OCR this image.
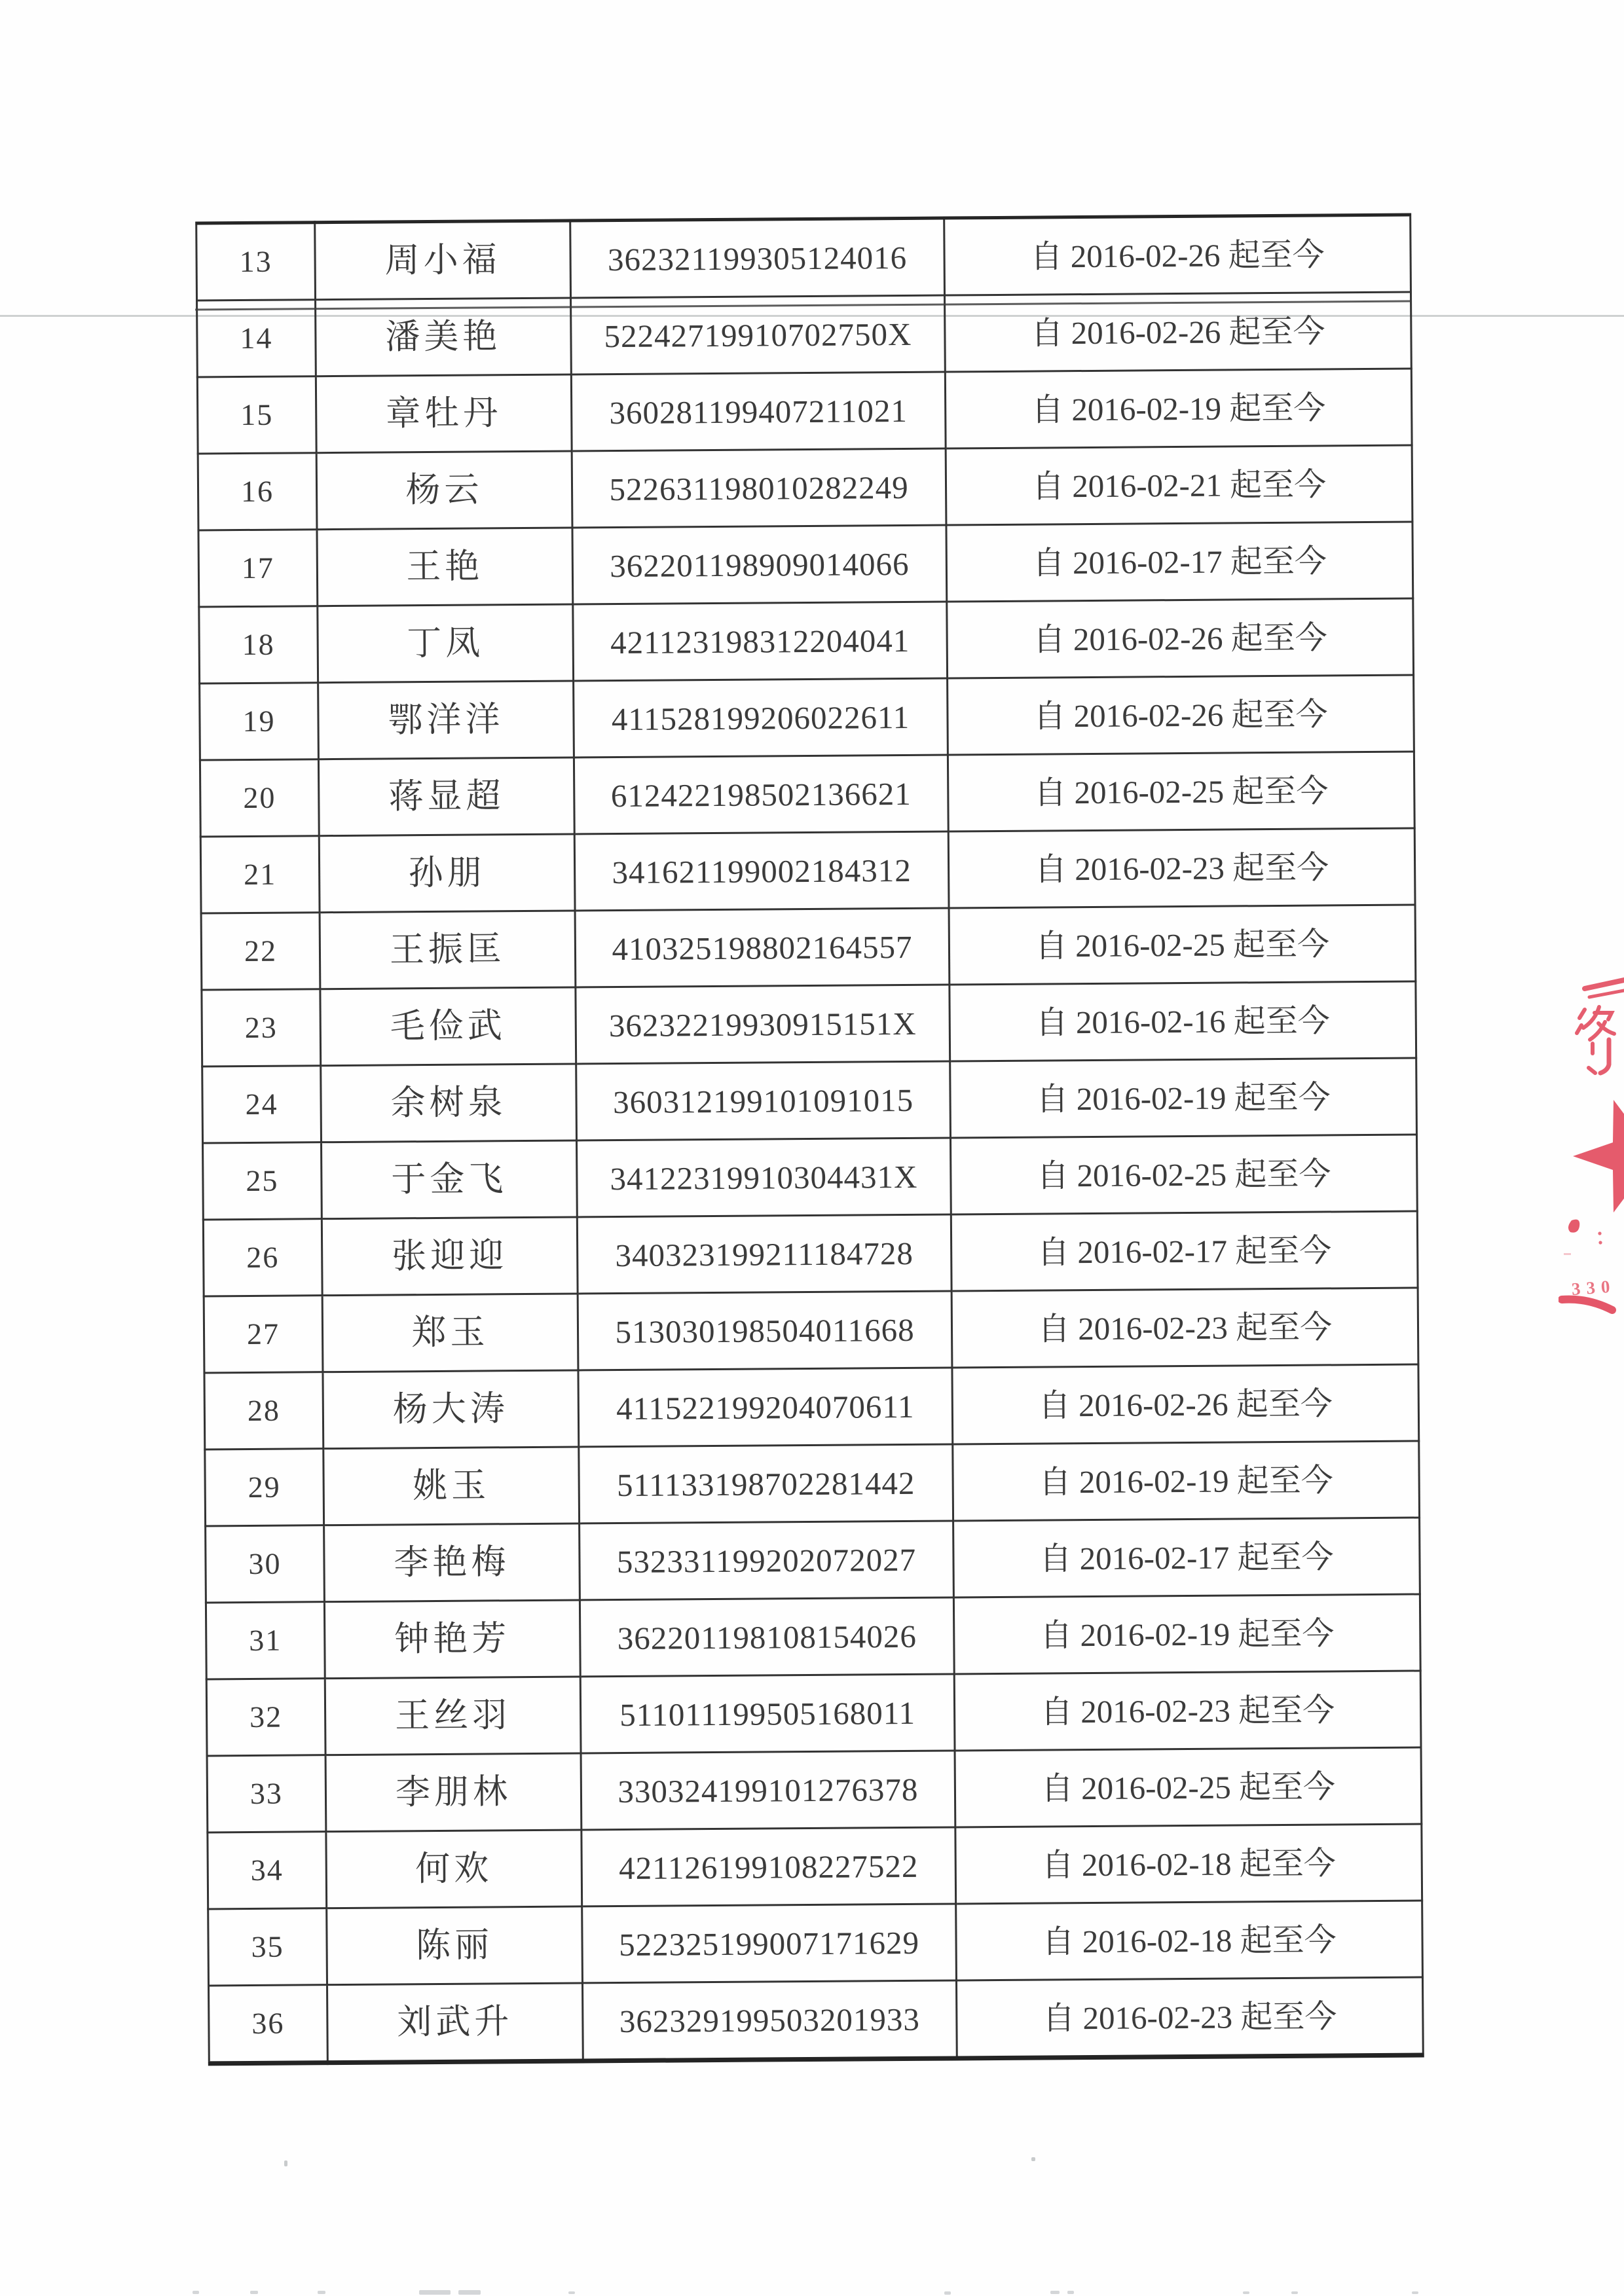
13	周小福	362321199305124016	自 2016-02-26 起至今
14	潘美艳	52242719910702750X	自 2016-02-26 起至今
15	章牡丹	360281199407211021	自 2016-02-19 起至今
16	杨云	522631198010282249	自 2016-02-21 起至今
17	王艳	362201198909014066	自 2016-02-17 起至今
18	丁凤	421123198312204041	自 2016-02-26 起至今
19	鄂洋洋	411528199206022611	自 2016-02-26 起至今
20	蒋显超	612422198502136621	自 2016-02-25 起至今
21	孙朋	341621199002184312	自 2016-02-23 起至今
22	王振匡	410325198802164557	自 2016-02-25 起至今
23	毛俭武	36232219930915151X	自 2016-02-16 起至今
24	余树泉	360312199101091015	自 2016-02-19 起至今
25	于金飞	34122319910304431X	自 2016-02-25 起至今
26	张迎迎	340323199211184728	自 2016-02-17 起至今
27	郑玉	513030198504011668	自 2016-02-23 起至今
28	杨大涛	411522199204070611	自 2016-02-26 起至今
29	姚玉	511133198702281442	自 2016-02-19 起至今
30	李艳梅	532331199202072027	自 2016-02-17 起至今
31	钟艳芳	362201198108154026	自 2016-02-19 起至今
32	王丝羽	511011199505168011	自 2016-02-23 起至今
33	李朋林	330324199101276378	自 2016-02-25 起至今
34	何欢	421126199108227522	自 2016-02-18 起至今
35	陈丽	522325199007171629	自 2016-02-18 起至今
36	刘武升	362329199503201933	自 2016-02-23 起至今
330
